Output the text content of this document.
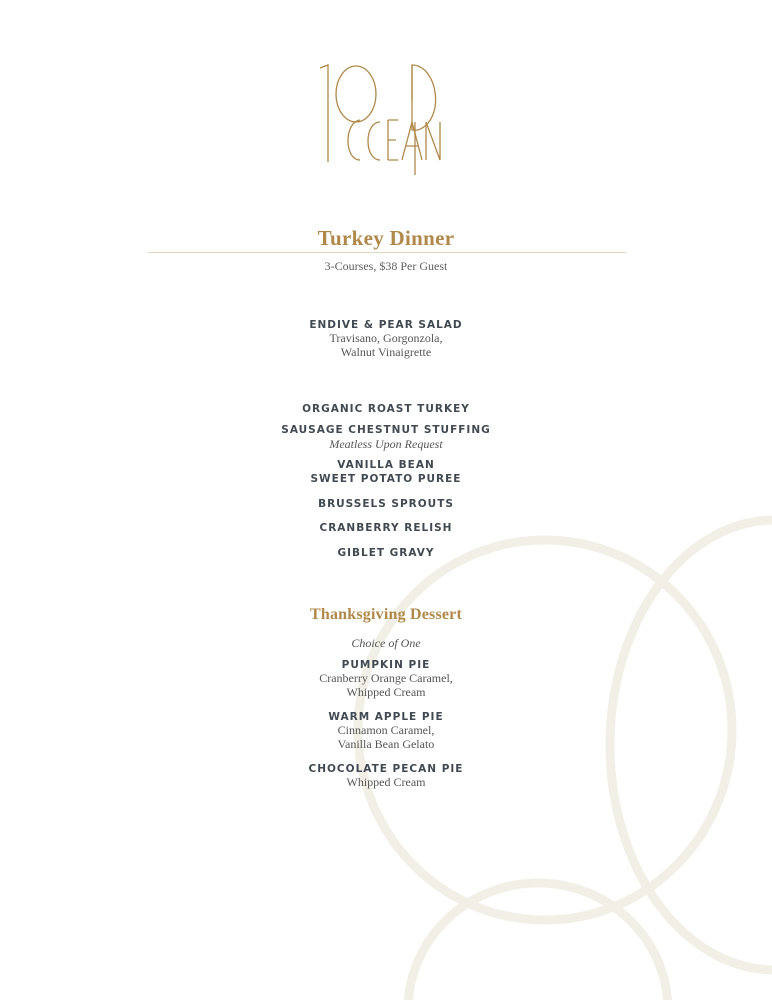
Turkey Dinner
3-Courses, $38 Per Guest
ENDIVE & PEAR SALAD
Travisano, Gorgonzola,
Walnut Vinaigrette
ORGANIC ROAST TURKEY
SAUSAGE CHESTNUT STUFFING
Meatless Upon Request
VANILLA BEAN
SWEET POTATO PUREE
BRUSSELS SPROUTS
CRANBERRY RELISH
GIBLET GRAVY
Thanksgiving Dessert
Choice of One
PUMPKIN PIE
Cranberry Orange Caramel,
Whipped Cream
WARM APPLE PIE
Cinnamon Caramel,
Vanilla Bean Gelato
CHOCOLATE PECAN PIE
Whipped Cream
